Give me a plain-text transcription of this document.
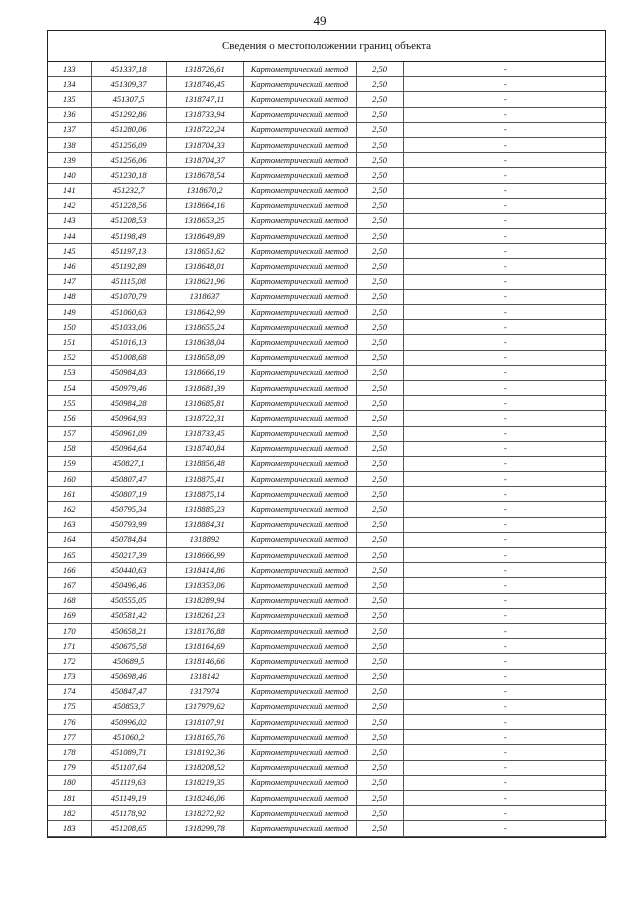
49
Сведения о местоположении границ объекта
133	451337,18	1318726,61	Картометрический метод	2,50	-
134	451309,37	1318746,45	Картометрический метод	2,50	-
135	451307,5	1318747,11	Картометрический метод	2,50	-
136	451292,86	1318733,94	Картометрический метод	2,50	-
137	451280,06	1318722,24	Картометрический метод	2,50	-
138	451256,09	1318704,33	Картометрический метод	2,50	-
139	451256,06	1318704,37	Картометрический метод	2,50	-
140	451230,18	1318678,54	Картометрический метод	2,50	-
141	451232,7	1318670,2	Картометрический метод	2,50	-
142	451228,56	1318664,16	Картометрический метод	2,50	-
143	451208,53	1318653,25	Картометрический метод	2,50	-
144	451198,49	1318649,89	Картометрический метод	2,50	-
145	451197,13	1318651,62	Картометрический метод	2,50	-
146	451192,89	1318648,01	Картометрический метод	2,50	-
147	451115,08	1318621,96	Картометрический метод	2,50	-
148	451070,79	1318637	Картометрический метод	2,50	-
149	451060,63	1318642,99	Картометрический метод	2,50	-
150	451033,06	1318655,24	Картометрический метод	2,50	-
151	451016,13	1318638,04	Картометрический метод	2,50	-
152	451008,68	1318658,09	Картометрический метод	2,50	-
153	450984,83	1318666,19	Картометрический метод	2,50	-
154	450979,46	1318681,39	Картометрический метод	2,50	-
155	450984,28	1318685,81	Картометрический метод	2,50	-
156	450964,93	1318722,31	Картометрический метод	2,50	-
157	450961,09	1318733,45	Картометрический метод	2,50	-
158	450964,64	1318740,84	Картометрический метод	2,50	-
159	450827,1	1318856,48	Картометрический метод	2,50	-
160	450807,47	1318875,41	Картометрический метод	2,50	-
161	450807,19	1318875,14	Картометрический метод	2,50	-
162	450795,34	1318885,23	Картометрический метод	2,50	-
163	450793,99	1318884,31	Картометрический метод	2,50	-
164	450784,84	1318892	Картометрический метод	2,50	-
165	450217,39	1318666,99	Картометрический метод	2,50	-
166	450440,63	1318414,86	Картометрический метод	2,50	-
167	450496,46	1318353,06	Картометрический метод	2,50	-
168	450555,05	1318289,94	Картометрический метод	2,50	-
169	450581,42	1318261,23	Картометрический метод	2,50	-
170	450658,21	1318176,88	Картометрический метод	2,50	-
171	450675,58	1318164,69	Картометрический метод	2,50	-
172	450689,5	1318146,66	Картометрический метод	2,50	-
173	450698,46	1318142	Картометрический метод	2,50	-
174	450847,47	1317974	Картометрический метод	2,50	-
175	450853,7	1317979,62	Картометрический метод	2,50	-
176	450996,02	1318107,91	Картометрический метод	2,50	-
177	451060,2	1318165,76	Картометрический метод	2,50	-
178	451089,71	1318192,36	Картометрический метод	2,50	-
179	451107,64	1318208,52	Картометрический метод	2,50	-
180	451119,63	1318219,35	Картометрический метод	2,50	-
181	451149,19	1318246,06	Картометрический метод	2,50	-
182	451178,92	1318272,92	Картометрический метод	2,50	-
183	451208,65	1318299,78	Картометрический метод	2,50	-
